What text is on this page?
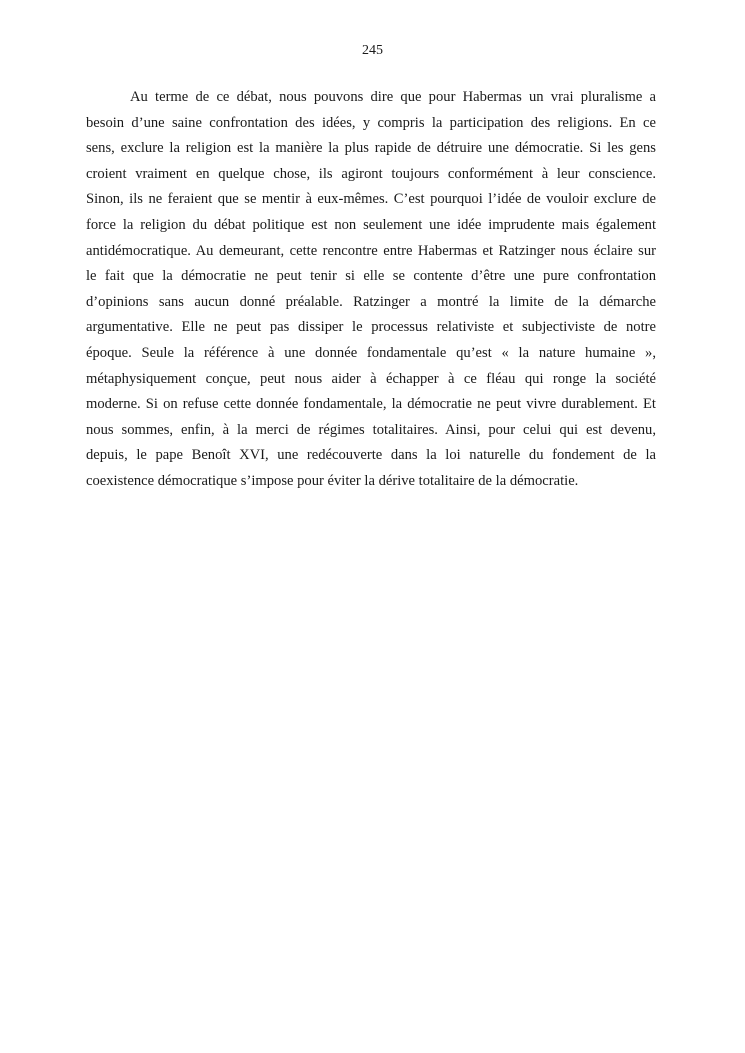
245
Au terme de ce débat, nous pouvons dire que pour Habermas un vrai pluralisme a
besoin d’une saine confrontation des idées, y compris la participation des religions. En ce
sens, exclure la religion est la manière la plus rapide de détruire une démocratie. Si les gens
croient vraiment en quelque chose, ils agiront toujours conformément à leur conscience.
Sinon, ils ne feraient que se mentir à eux-mêmes. C’est pourquoi l’idée de vouloir exclure de
force la religion du débat politique est non seulement une idée imprudente mais également
antidémocratique. Au demeurant, cette rencontre entre Habermas et Ratzinger nous éclaire sur
le fait que la démocratie ne peut tenir si elle se contente d’être une pure confrontation
d’opinions sans aucun donné préalable. Ratzinger a montré la limite de la démarche
argumentative. Elle ne peut pas dissiper le processus relativiste et subjectiviste de notre
époque. Seule la référence à une donnée fondamentale qu’est « la nature humaine »,
métaphysiquement conçue, peut nous aider à échapper à ce fléau qui ronge la société
moderne. Si on refuse cette donnée fondamentale, la démocratie ne peut vivre durablement. Et
nous sommes, enfin, à la merci de régimes totalitaires. Ainsi, pour celui qui est devenu,
depuis, le pape Benoît XVI, une redécouverte dans la loi naturelle du fondement de la
coexistence démocratique s’impose pour éviter la dérive totalitaire de la démocratie.
